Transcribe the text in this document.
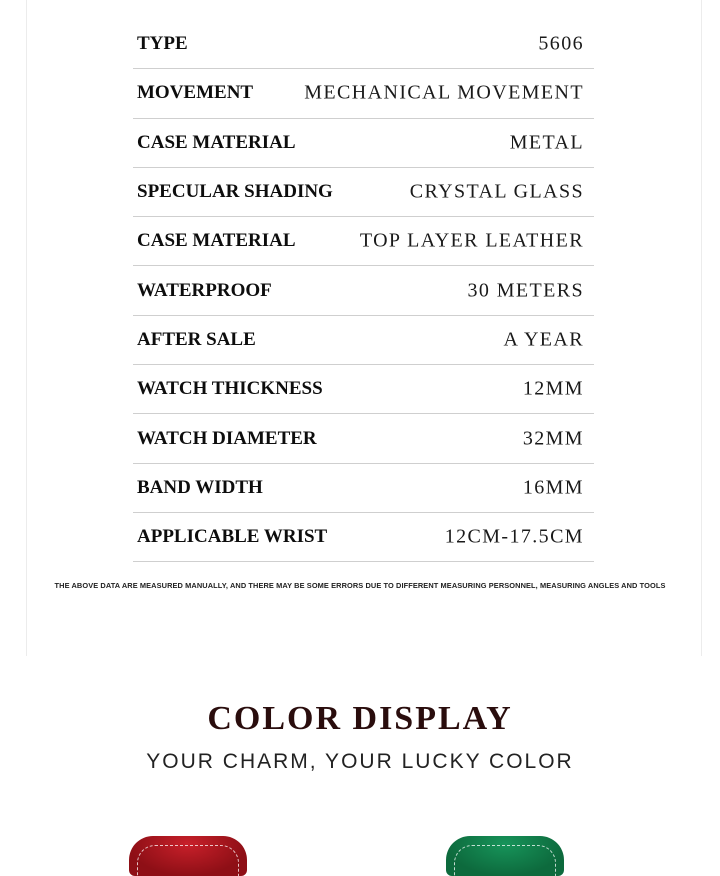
TYPE	5606
MOVEMENT	MECHANICAL MOVEMENT
CASE MATERIAL	METAL
SPECULAR SHADING	CRYSTAL GLASS
CASE MATERIAL	TOP LAYER LEATHER
WATERPROOF	30 METERS
AFTER SALE	A YEAR
WATCH THICKNESS	12MM
WATCH DIAMETER	32MM
BAND WIDTH	16MM
APPLICABLE WRIST	12CM-17.5CM
THE ABOVE DATA ARE MEASURED MANUALLY, AND THERE MAY BE SOME ERRORS DUE TO DIFFERENT MEASURING PERSONNEL, MEASURING ANGLES AND TOOLS
COLOR DISPLAY
YOUR CHARM, YOUR LUCKY COLOR
